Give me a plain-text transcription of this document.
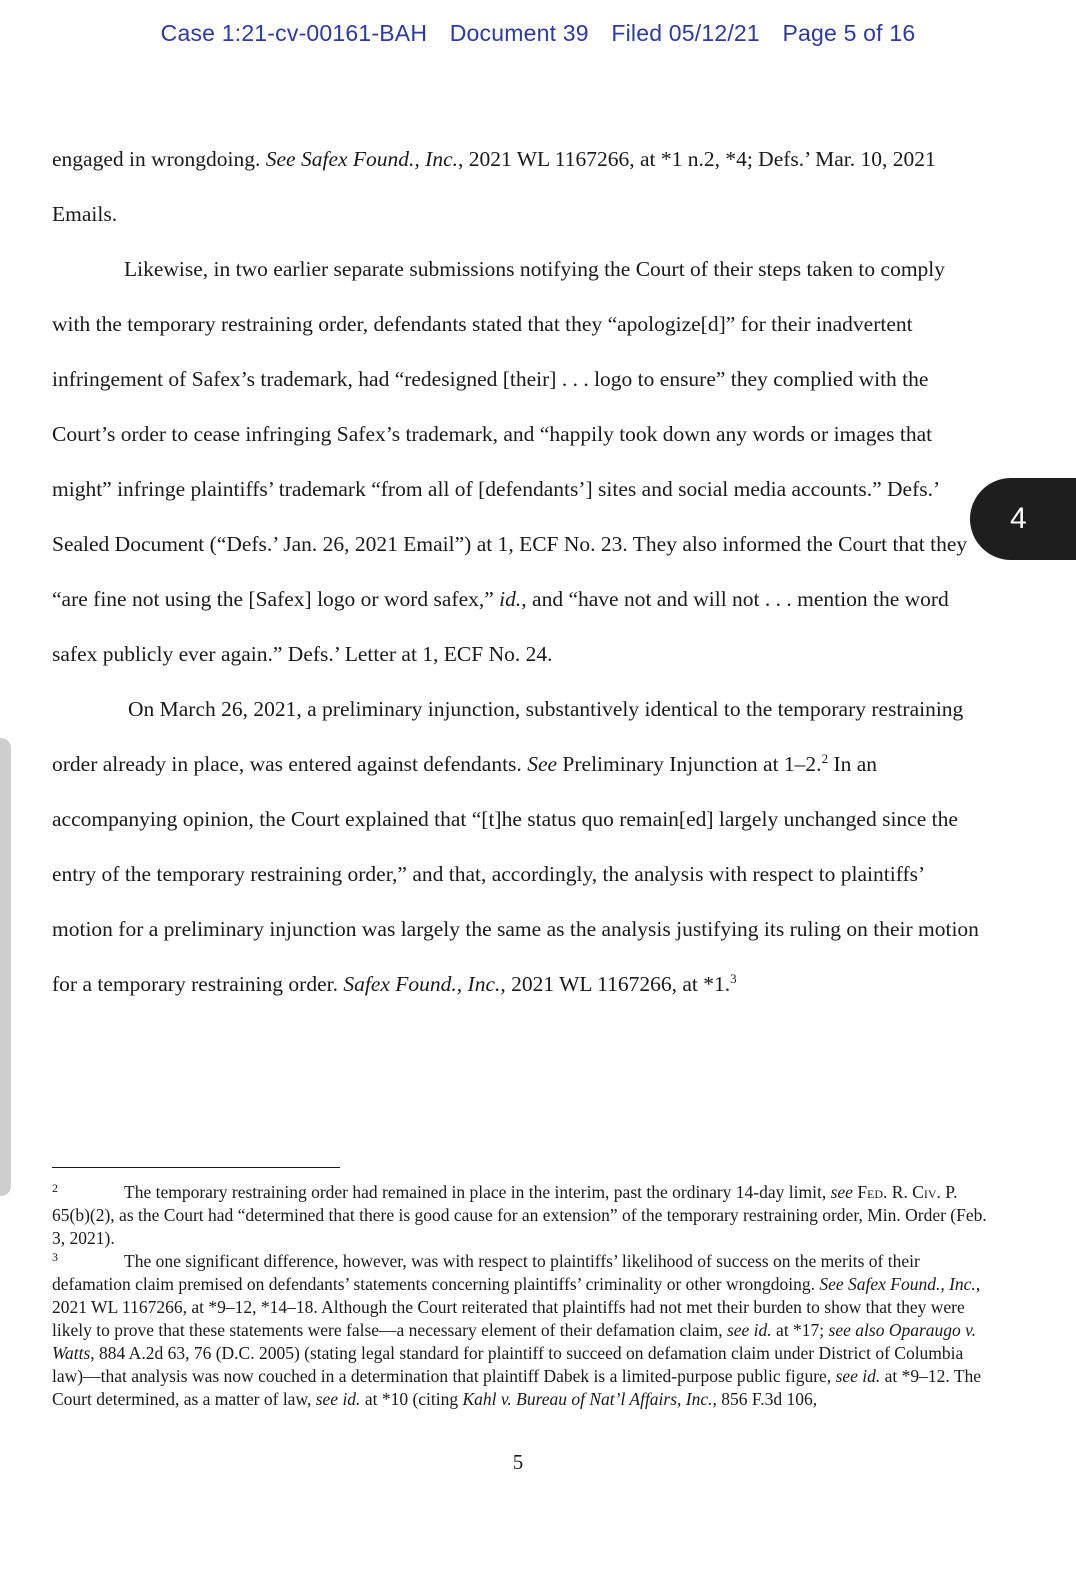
Case 1:21-cv-00161-BAH Document 39 Filed 05/12/21 Page 5 of 16

engaged in wrongdoing. See Safex Found., Inc., 2021 WL 1167266, at *1 n.2, *4; Defs.’ Mar. 10, 2021 Emails.

Likewise, in two earlier separate submissions notifying the Court of their steps taken to comply with the temporary restraining order, defendants stated that they “apologize[d]” for their inadvertent infringement of Safex’s trademark, had “redesigned [their] . . . logo to ensure” they complied with the Court’s order to cease infringing Safex’s trademark, and “happily took down any words or images that might” infringe plaintiffs’ trademark “from all of [defendants’] sites and social media accounts.” Defs.’ Sealed Document (“Defs.’ Jan. 26, 2021 Email”) at 1, ECF No. 23. They also informed the Court that they “are fine not using the [Safex] logo or word safex,” id., and “have not and will not . . . mention the word safex publicly ever again.” Defs.’ Letter at 1, ECF No. 24.

On March 26, 2021, a preliminary injunction, substantively identical to the temporary restraining order already in place, was entered against defendants. See Preliminary Injunction at 1–2.$^2$ In an accompanying opinion, the Court explained that “[t]he status quo remain[ed] largely unchanged since the entry of the temporary restraining order,” and that, accordingly, the analysis with respect to plaintiffs’ motion for a preliminary injunction was largely the same as the analysis justifying its ruling on their motion for a temporary restraining order. Safex Found., Inc., 2021 WL 1167266, at *1.$^3$

2	The temporary restraining order had remained in place in the interim, past the ordinary 14-day limit, see Fed. R. Civ. P. 65(b)(2), as the Court had “determined that there is good cause for an extension” of the temporary restraining order, Min. Order (Feb. 3, 2021).

3	The one significant difference, however, was with respect to plaintiffs’ likelihood of success on the merits of their defamation claim premised on defendants’ statements concerning plaintiffs’ criminality or other wrongdoing. See Safex Found., Inc., 2021 WL 1167266, at *9–12, *14–18. Although the Court reiterated that plaintiffs had not met their burden to show that they were likely to prove that these statements were false—a necessary element of their defamation claim, see id. at *17; see also Oparaugo v. Watts, 884 A.2d 63, 76 (D.C. 2005) (stating legal standard for plaintiff to succeed on defamation claim under District of Columbia law)—that analysis was now couched in a determination that plaintiff Dabek is a limited-purpose public figure, see id. at *9–12. The Court determined, as a matter of law, see id. at *10 (citing Kahl v. Bureau of Nat’l Affairs, Inc., 856 F.3d 106,

5
4
